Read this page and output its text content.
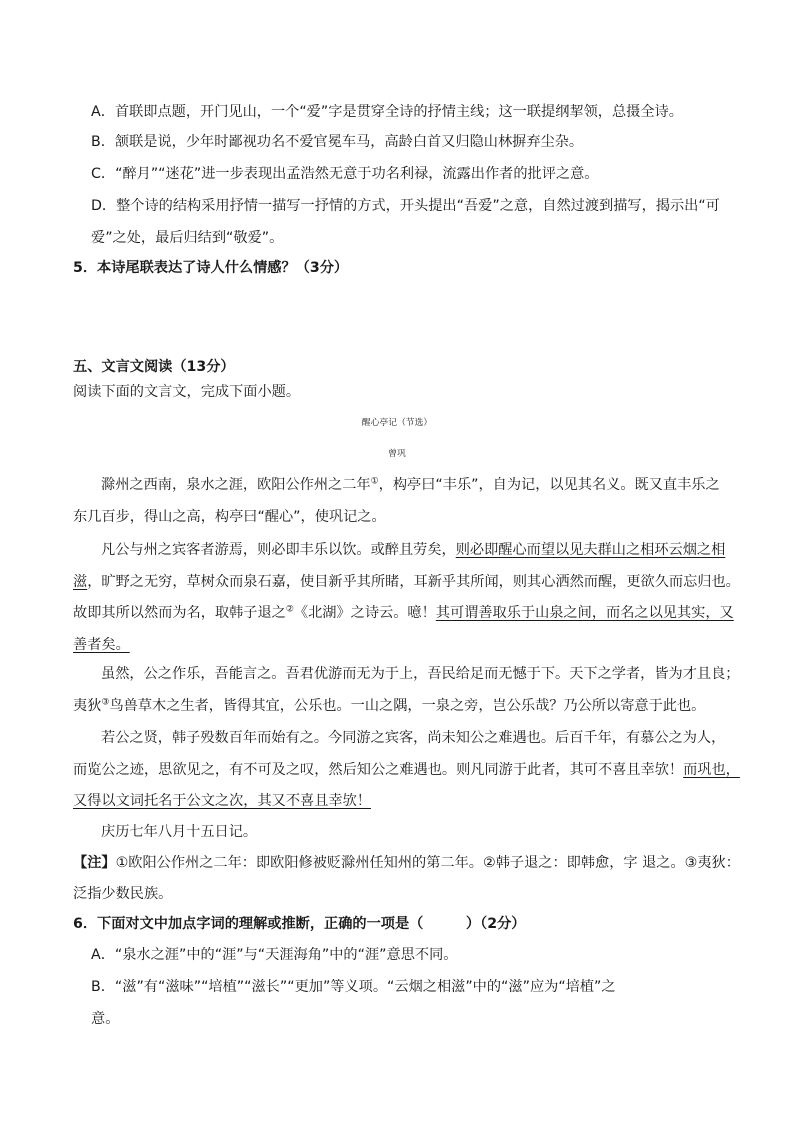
A．首联即点题，开门见山，一个“爱”字是贯穿全诗的抒情主线；这一联提纲挈领，总摄全诗。
B．颔联是说，少年时鄙视功名不爱官冕车马，高龄白首又归隐山林摒弃尘杂。
C．“醉月”“迷花”进一步表现出孟浩然无意于功名利禄，流露出作者的批评之意。
D．整个诗的结构采用抒情一描写一抒情的方式，开头提出“吾爱”之意，自然过渡到描写，揭示出“可
爱”之处，最后归结到“敬爱”。
5．本诗尾联表达了诗人什么情感？（3分）
五、文言文阅读（13分）
阅读下面的文言文，完成下面小题。
醒心亭记（节选）
曾巩
滁州之西南，泉水之涯，欧阳公作州之二年①，构亭曰“丰乐”，自为记，以见其名义。既又直丰乐之
东几百步，得山之高，构亭曰“醒心”，使巩记之。
凡公与州之宾客者游焉，则必即丰乐以饮。或醉且劳矣，则必即醒心而望以见夫群山之相环云烟之相
滋，旷野之无穷，草树众而泉石嘉，使目新乎其所睹，耳新乎其所闻，则其心洒然而醒，更欲久而忘归也。
故即其所以然而为名，取韩子退之②《北湖》之诗云。噫！其可谓善取乐于山泉之间，而名之以见其实，又
善者矣。
虽然，公之作乐，吾能言之。吾君优游而无为于上，吾民给足而无憾于下。天下之学者，皆为才且良；
夷狄③鸟兽草木之生者，皆得其宜，公乐也。一山之隅，一泉之旁，岂公乐哉？乃公所以寄意于此也。
若公之贤，韩子殁数百年而始有之。今同游之宾客，尚未知公之难遇也。后百千年，有慕公之为人，
而览公之迹，思欲见之，有不可及之叹，然后知公之难遇也。则凡同游于此者，其可不喜且幸欤！而巩也，
又得以文词托名于公文之次，其又不喜且幸欤！
庆历七年八月十五日记。
【注】①欧阳公作州之二年：即欧阳修被贬滁州任知州的第二年。②韩子退之：即韩愈，字 退之。③夷狄：
泛指少数民族。
6．下面对文中加点字词的理解或推断，正确的一项是（　　　）（2分）
A．“泉水之涯”中的“涯”与“天涯海角”中的“涯”意思不同。
B．“滋”有“滋味”“培植”“滋长”“更加”等义项。“云烟之相滋”中的“滋”应为“培植”之
意。
